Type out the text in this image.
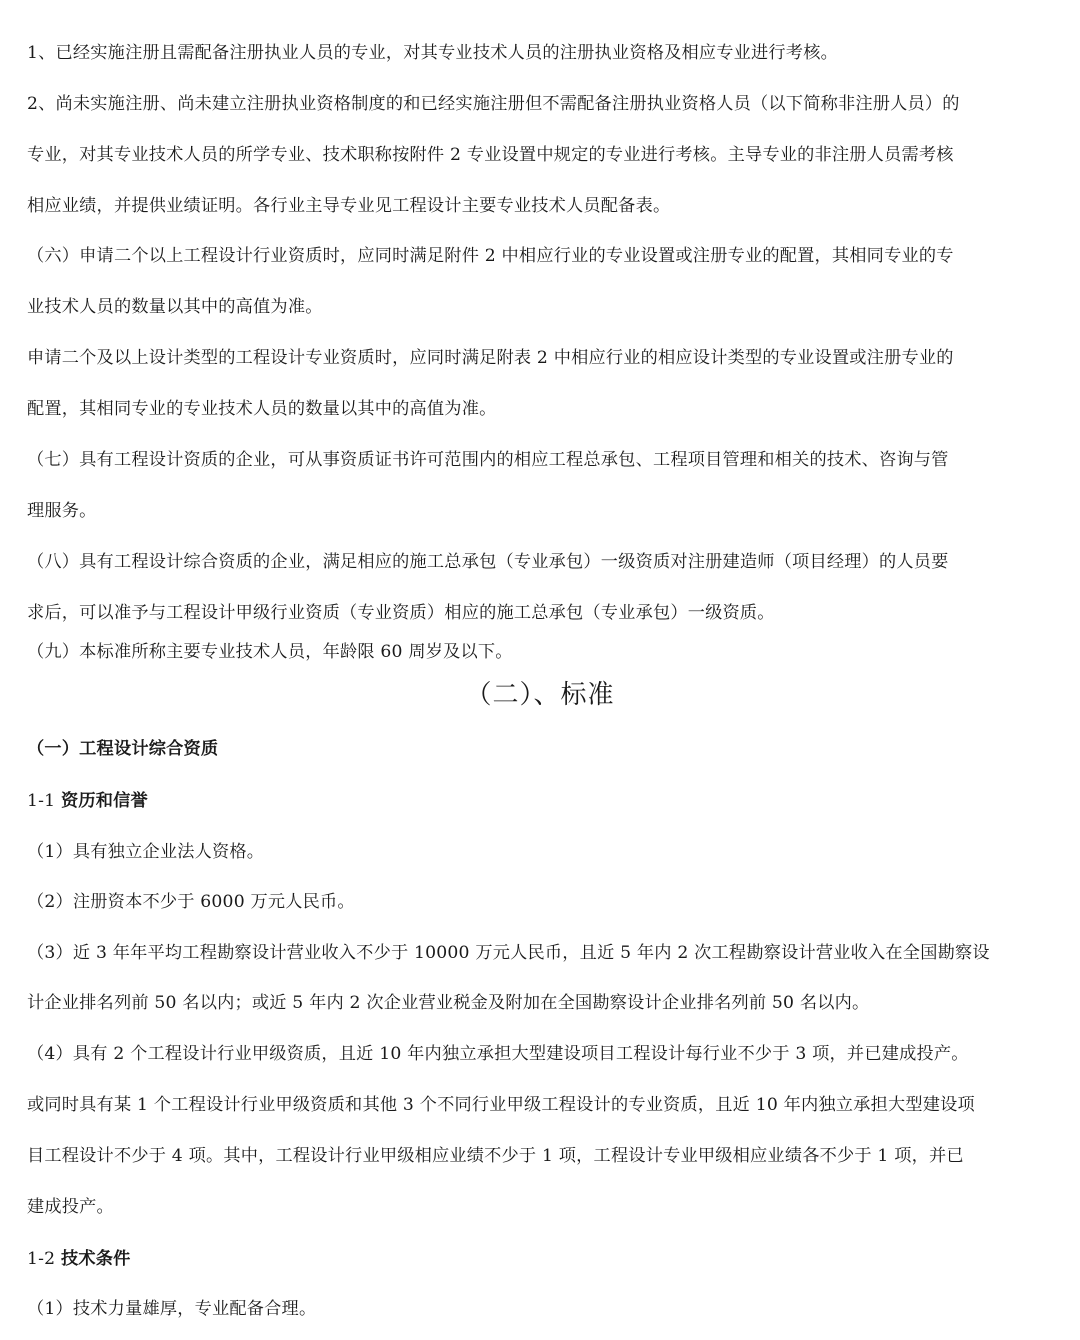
1、已经实施注册且需配备注册执业人员的专业，对其专业技术人员的注册执业资格及相应专业进行考核。
2、尚未实施注册、尚未建立注册执业资格制度的和已经实施注册但不需配备注册执业资格人员（以下简称非注册人员）的
专业，对其专业技术人员的所学专业、技术职称按附件 2 专业设置中规定的专业进行考核。主导专业的非注册人员需考核
相应业绩，并提供业绩证明。各行业主导专业见工程设计主要专业技术人员配备表。
（六）申请二个以上工程设计行业资质时，应同时满足附件 2 中相应行业的专业设置或注册专业的配置，其相同专业的专
业技术人员的数量以其中的高值为准。
申请二个及以上设计类型的工程设计专业资质时，应同时满足附表 2 中相应行业的相应设计类型的专业设置或注册专业的
配置，其相同专业的专业技术人员的数量以其中的高值为准。
（七）具有工程设计资质的企业，可从事资质证书许可范围内的相应工程总承包、工程项目管理和相关的技术、咨询与管
理服务。
（八）具有工程设计综合资质的企业，满足相应的施工总承包（专业承包）一级资质对注册建造师（项目经理）的人员要
求后，可以准予与工程设计甲级行业资质（专业资质）相应的施工总承包（专业承包）一级资质。
（九）本标准所称主要专业技术人员，年龄限 60 周岁及以下。
（二）、标准
（一）工程设计综合资质
1-1 资历和信誉
（1）具有独立企业法人资格。
（2）注册资本不少于 6000 万元人民币。
（3）近 3 年年平均工程勘察设计营业收入不少于 10000 万元人民币，且近 5 年内 2 次工程勘察设计营业收入在全国勘察设
计企业排名列前 50 名以内；或近 5 年内 2 次企业营业税金及附加在全国勘察设计企业排名列前 50 名以内。
（4）具有 2 个工程设计行业甲级资质，且近 10 年内独立承担大型建设项目工程设计每行业不少于 3 项，并已建成投产。
或同时具有某 1 个工程设计行业甲级资质和其他 3 个不同行业甲级工程设计的专业资质，且近 10 年内独立承担大型建设项
目工程设计不少于 4 项。其中，工程设计行业甲级相应业绩不少于 1 项，工程设计专业甲级相应业绩各不少于 1 项，并已
建成投产。
1-2 技术条件
（1）技术力量雄厚，专业配备合理。
